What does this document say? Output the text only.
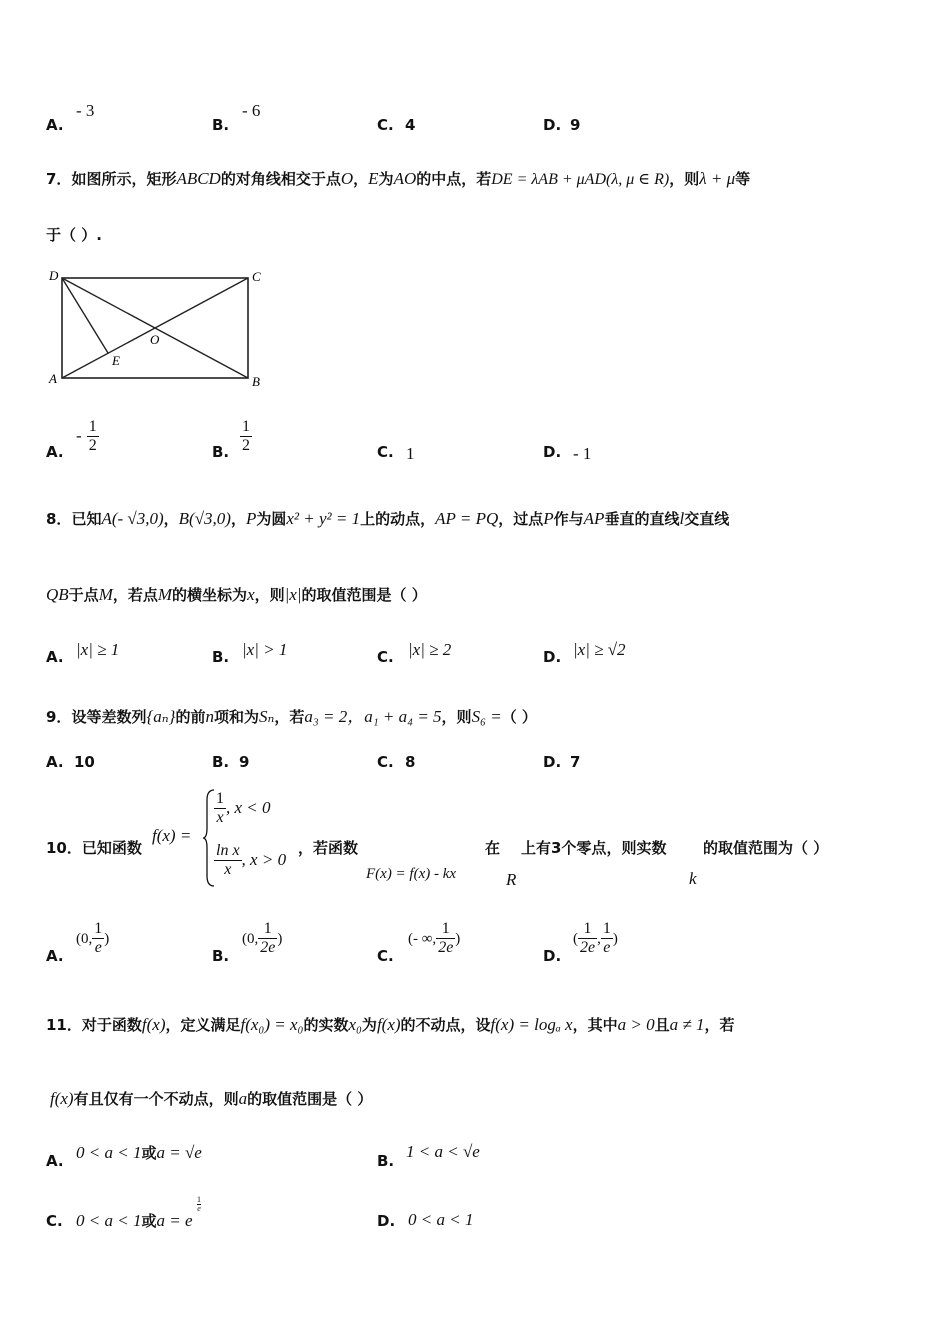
A.
- 3
B.
- 6
C. 4	D. 9
7．如图所示，矩形ABCD的对角线相交于点O，E为AO的中点，若DE = λAB + μAD(λ, μ ∈ R)，则λ + μ等
于（ ）.
D	C
A	B
O
E
A.
- $\frac{1}{2}$	B. $\frac{1}{2}$	C. 1	D. - 1
8．已知A(- √3,0)，B(√3,0)，P为圆x² + y² = 1上的动点，AP = PQ，过点P作与AP垂直的直线l交直线
QB于点M，若点M的横坐标为x，则|x|的取值范围是（ ）
A. |x| ≥ 1	B. |x| > 1	C. |x| ≥ 2	D. |x| ≥ √2
9．设等差数列{aₙ}的前n项和为Sₙ，若a₃ = 2，a₁ + a₄ = 5，则S₆ =（ ）
A. 10	B. 9	C. 8	D. 7
10．已知函数
f(x) =
$\frac{1}{x}$ , x < 0
$\frac{\text{ln x}}{x}$ , x > 0
，若函数
F(x) = f(x) - kx
在
R
上有3个零点，则实数
k
的取值范围为（ ）
A.
(0, $\frac{1}{e}$ )
B.
(0, $\frac{1}{2e}$ )
C.
(- ∞, $\frac{1}{2e}$ )
D.
( $\frac{1}{2e}$ , $\frac{1}{e}$ )
11．对于函数f(x)，定义满足f(x₀) = x₀的实数x₀为f(x)的不动点，设f(x) = logₐ x，其中a > 0且a ≠ 1，若
f(x)有且仅有一个不动点，则a的取值范围是（ ）
A. 0 < a < 1或a = √e	B. 1 < a < √e
C. 0 < a < 1或a = e
$\frac{1}{e}$
D. 0 < a < 1
